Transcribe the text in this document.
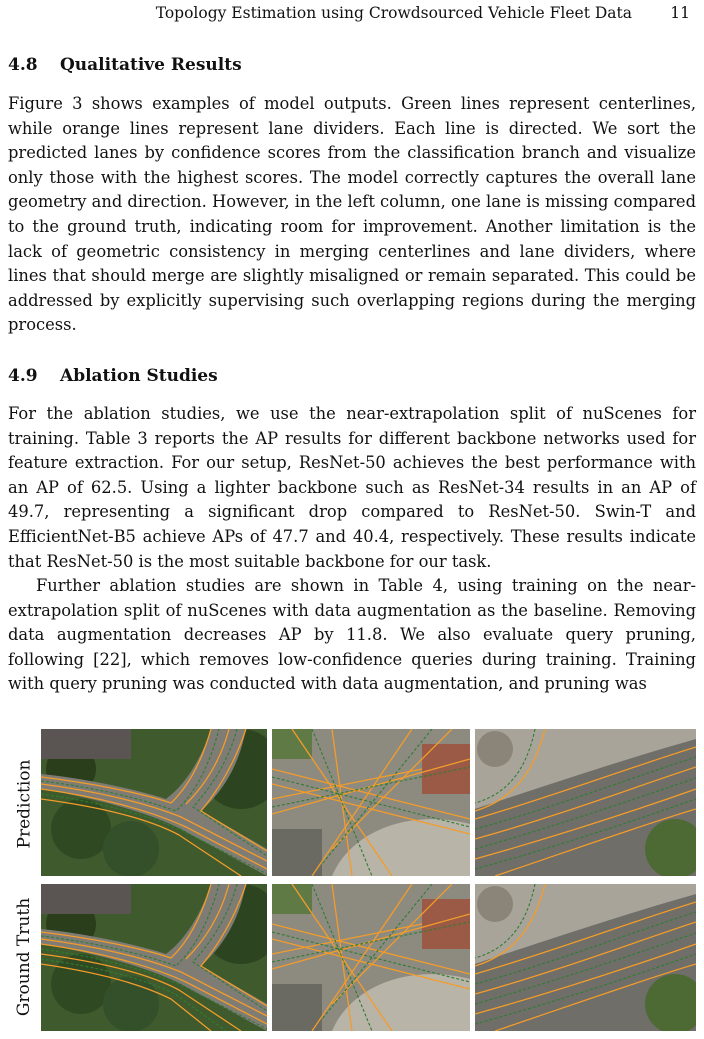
Topology Estimation using Crowdsourced Vehicle Fleet Data 11
4.8 Qualitative Results
Figure 3 shows examples of model outputs. Green lines represent centerlines, while orange lines represent lane dividers. Each line is directed. We sort the predicted lanes by confidence scores from the classification branch and visualize only those with the highest scores. The model correctly captures the overall lane geometry and direction. However, in the left column, one lane is missing compared to the ground truth, indicating room for improvement. Another limitation is the lack of geometric consistency in merging centerlines and lane dividers, where lines that should merge are slightly misaligned or remain separated. This could be addressed by explicitly supervising such overlapping regions during the merging process.
4.9 Ablation Studies
For the ablation studies, we use the near-extrapolation split of nuScenes for training. Table 3 reports the AP results for different backbone networks used for feature extraction. For our setup, ResNet-50 achieves the best performance with an AP of 62.5. Using a lighter backbone such as ResNet-34 results in an AP of 49.7, representing a significant drop compared to ResNet-50. Swin-T and EfficientNet-B5 achieve APs of 47.7 and 40.4, respectively. These results indicate that ResNet-50 is the most suitable backbone for our task.
Further ablation studies are shown in Table 4, using training on the nearextrapolation split of nuScenes with data augmentation as the baseline. Removing data augmentation decreases AP by 11.8. We also evaluate query pruning, following [22], which removes low-confidence queries during training. Training with query pruning was conducted with data augmentation, and pruning was
Prediction
Ground Truth
